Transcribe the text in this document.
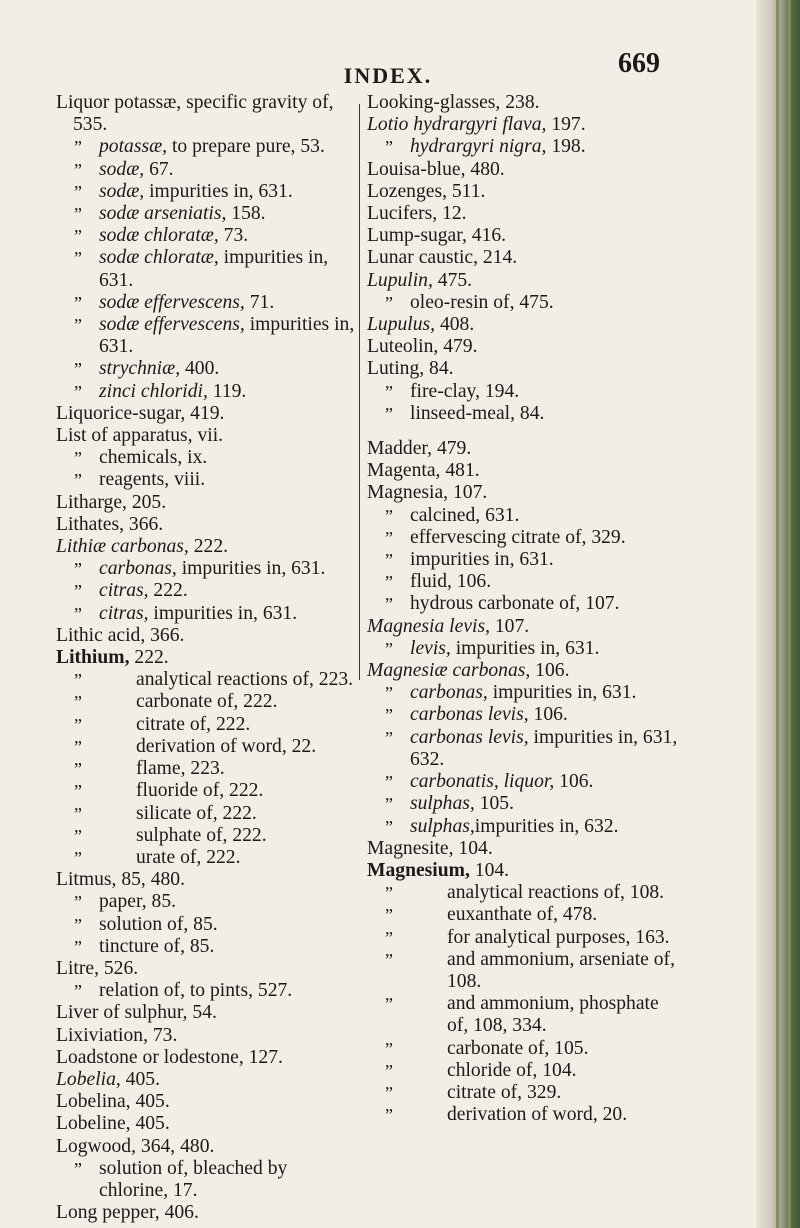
INDEX.	669

Liquor potassæ, specific gravity of, 535.

” potassæ, to prepare pure, 53.

” sodæ, 67.

” sodæ, impurities in, 631.

” sodæ arseniatis, 158.

” sodæ chloratæ, 73.

” sodæ chloratæ, impurities in, 631.

” sodæ effervescens, 71.

” sodæ effervescens, impurities in, 631.

” strychniæ, 400.

” zinci chloridi, 119.

Liquorice-sugar, 419.

List of apparatus, vii.

” chemicals, ix.

” reagents, viii.

Litharge, 205.

Lithates, 366.

Lithiæ carbonas, 222.

” carbonas, impurities in, 631.

” citras, 222.

” citras, impurities in, 631.

Lithic acid, 366.

Lithium, 222.

”	analytical reactions of, 223.

”	carbonate of, 222.

”	citrate of, 222.

”	derivation of word, 22.

”	flame, 223.

”	fluoride of, 222.

”	silicate of, 222.

”	sulphate of, 222.

”	urate of, 222.

Litmus, 85, 480.

” paper, 85.

” solution of, 85.

” tincture of, 85.

Litre, 526.

” relation of, to pints, 527.

Liver of sulphur, 54.

Lixiviation, 73.

Loadstone or lodestone, 127.

Lobelia, 405.

Lobelina, 405.

Lobeline, 405.

Logwood, 364, 480.

” solution of, bleached by chlorine, 17.

Long pepper, 406.

Looking-glasses, 238.

Lotio hydrargyri flava, 197.

” hydrargyri nigra, 198.

Louisa-blue, 480.

Lozenges, 511.

Lucifers, 12.

Lump-sugar, 416.

Lunar caustic, 214.

Lupulin, 475.

” oleo-resin of, 475.

Lupulus, 408.

Luteolin, 479.

Luting, 84.

” fire-clay, 194.

” linseed-meal, 84.

Madder, 479.

Magenta, 481.

Magnesia, 107.

” calcined, 631.

” effervescing citrate of, 329.

” impurities in, 631.

” fluid, 106.

” hydrous carbonate of, 107.

Magnesia levis, 107.

” levis, impurities in, 631.

Magnesiæ carbonas, 106.

” carbonas, impurities in, 631.

” carbonas levis, 106.

” carbonas levis, impurities in, 631, 632.

” carbonatis, liquor, 106.

” sulphas, 105.

” sulphas,impurities in, 632.

Magnesite, 104.

Magnesium, 104.

”	analytical reactions of, 108.

”	euxanthate of, 478.

”	for analytical purposes, 163.

”	and ammonium, arseniate of, 108.

”	and ammonium, phosphate of, 108, 334.

”	carbonate of, 105.

”	chloride of, 104.

”	citrate of, 329.

”	derivation of word, 20.
